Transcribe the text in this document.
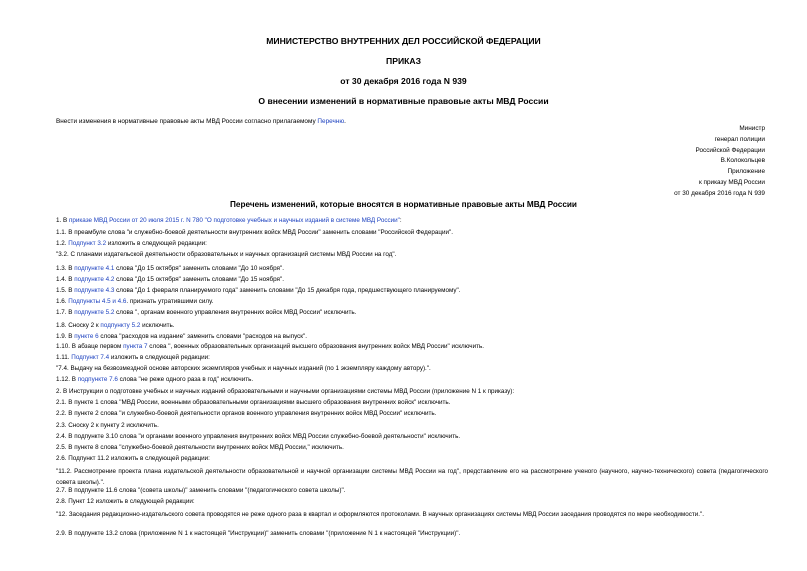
МИНИСТЕРСТВО ВНУТРЕННИХ ДЕЛ РОССИЙСКОЙ ФЕДЕРАЦИИ
ПРИКАЗ
от 30 декабря 2016 года N 939
О внесении изменений в нормативные правовые акты МВД России
Внести изменения в нормативные правовые акты МВД России согласно прилагаемому Перечню.
Министр
генерал полиции
Российской Федерации
В.Колокольцев
Приложение
к приказу МВД России
от 30 декабря 2016 года N 939
Перечень изменений, которые вносятся в нормативные правовые акты МВД России
1. В приказе МВД России от 20 июля 2015 г. N 780 "О подготовке учебных и научных изданий в системе МВД России":
1.1. В преамбуле слова "и служебно-боевой деятельности внутренних войск МВД России" заменить словами "Российской Федерации".
1.2. Подпункт 3.2 изложить в следующей редакции:
"3.2. С планами издательской деятельности образовательных и научных организаций системы МВД России на год".
1.3. В подпункте 4.1 слова "До 15 октября" заменить словами "До 10 ноября".
1.4. В подпункте 4.2 слова "До 15 октября" заменить словами "До 15 ноября".
1.5. В подпункте 4.3 слова "До 1 февраля планируемого года" заменить словами "До 15 декабря года, предшествующего планируемому".
1.6. Подпункты 4.5 и 4.6. признать утратившими силу.
1.7. В подпункте 5.2 слова ", органам военного управления внутренних войск МВД России" исключить.
1.8. Сноску 2 к подпункту 5.2 исключить.
1.9. В пункте 6 слова "расходов на издание" заменить словами "расходов на выпуск".
1.10. В абзаце первом пункта 7 слова ", военных образовательных организаций высшего образования внутренних войск МВД России" исключить.
1.11. Подпункт 7.4 изложить в следующей редакции:
"7.4. Выдачу на безвозмездной основе авторских экземпляров учебных и научных изданий (по 1 экземпляру каждому автору).".
1.12. В подпункте 7.6 слова "не реже одного раза в год" исключить.
2. В Инструкции о подготовке учебных и научных изданий образовательными и научными организациями системы МВД России (приложение N 1 к приказу):
2.1. В пункте 1 слова "МВД России, военными образовательными организациями высшего образования внутренних войск" исключить.
2.2. В пункте 2 слова "и служебно-боевой деятельности органов военного управления внутренних войск МВД России" исключить.
2.3. Сноску 2 к пункту 2 исключить.
2.4. В подпункте 3.10 слова "и органами военного управления внутренних войск МВД России служебно-боевой деятельности" исключить.
2.5. В пункте 8 слова "служебно-боевой деятельности внутренних войск МВД России," исключить.
2.6. Подпункт 11.2 изложить в следующей редакции:
"11.2. Рассмотрение проекта плана издательской деятельности образовательной и научной организации системы МВД России на год", представление его на рассмотрение ученого (научного, научно-технического) совета (педагогического совета школы).".
2.7. В подпункте 11.6 слова "(совета школы)" заменить словами "(педагогического совета школы)".
2.8. Пункт 12 изложить в следующей редакции:
"12. Заседания редакционно-издательского совета проводятся не реже одного раза в квартал и оформляются протоколами. В научных организациях системы МВД России заседания проводятся по мере необходимости.".
2.9. В подпункте 13.2 слова (приложение N 1 к настоящей "Инструкции)" заменить словами "(приложение N 1 к настоящей "Инструкции)".
